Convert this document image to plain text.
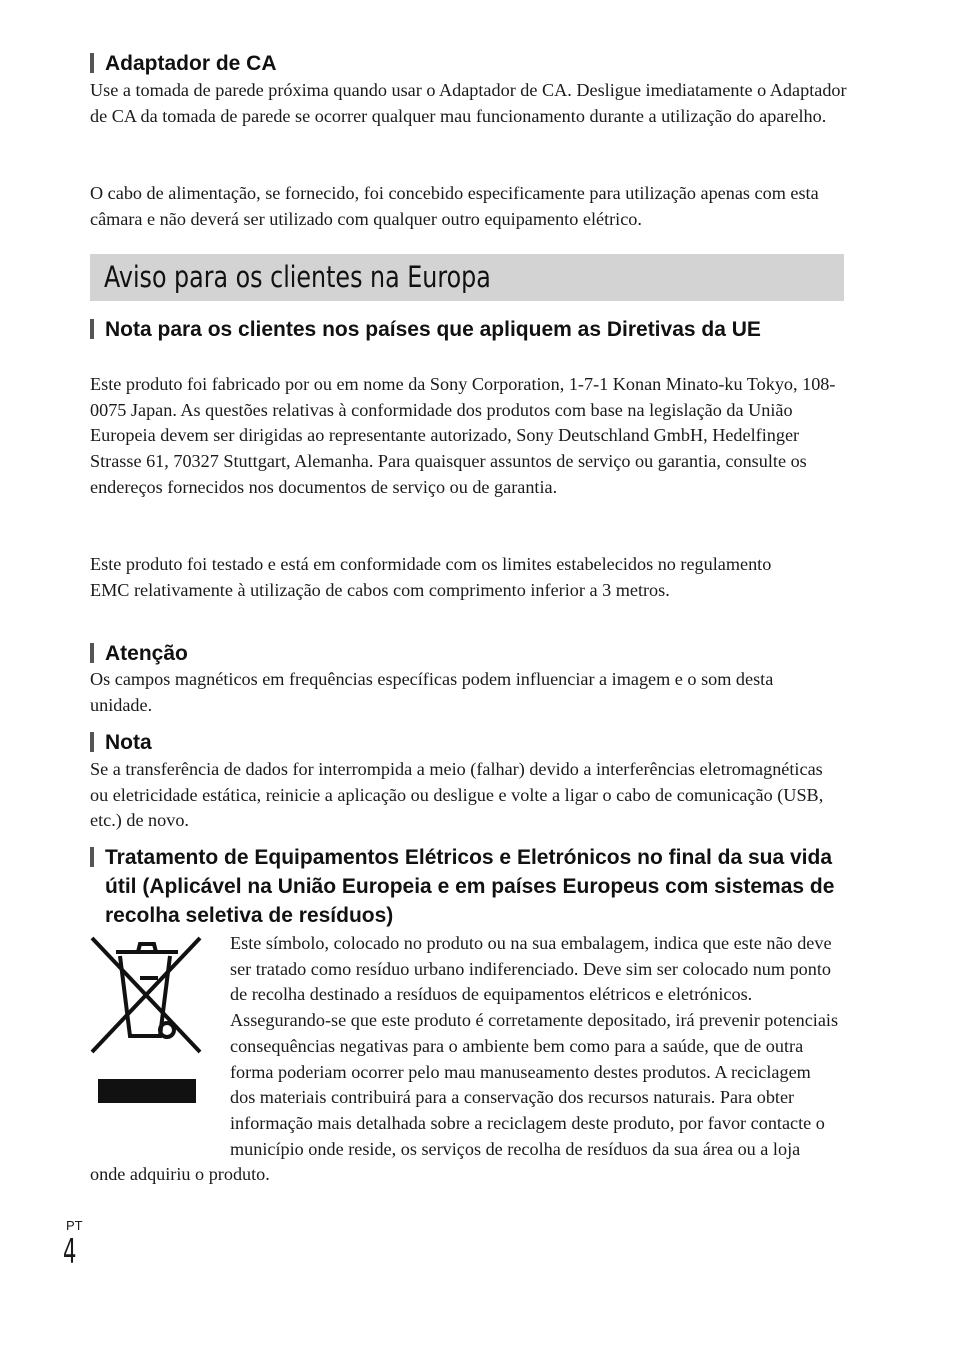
Adaptador de CA

Use a tomada de parede próxima quando usar o Adaptador de CA. Desligue imediatamente o Adaptador de CA da tomada de parede se ocorrer qualquer mau funcionamento durante a utilização do aparelho.

O cabo de alimentação, se fornecido, foi concebido especificamente para utilização apenas com esta câmara e não deverá ser utilizado com qualquer outro equipamento elétrico.

Aviso para os clientes na Europa
Nota para os clientes nos países que apliquem as Diretivas da UE

Este produto foi fabricado por ou em nome da Sony Corporation, 1-7-1 Konan Minato-ku Tokyo, 108-0075 Japan. As questões relativas à conformidade dos produtos com base na legislação da União Europeia devem ser dirigidas ao representante autorizado, Sony Deutschland GmbH, Hedelfinger Strasse 61, 70327 Stuttgart, Alemanha. Para quaisquer assuntos de serviço ou garantia, consulte os endereços fornecidos nos documentos de serviço ou de garantia.

Este produto foi testado e está em conformidade com os limites estabelecidos no regulamento EMC relativamente à utilização de cabos com comprimento inferior a 3 metros.

Atenção

Os campos magnéticos em frequências específicas podem influenciar a imagem e o som desta unidade.

Nota

Se a transferência de dados for interrompida a meio (falhar) devido a interferências eletromagnéticas ou eletricidade estática, reinicie a aplicação ou desligue e volte a ligar o cabo de comunicação (USB, etc.) de novo.

Tratamento de Equipamentos Elétricos e Eletrónicos no final da sua vida útil (Aplicável na União Europeia e em países Europeus com sistemas de recolha seletiva de resíduos)

Este símbolo, colocado no produto ou na sua embalagem, indica que este não deve ser tratado como resíduo urbano indiferenciado. Deve sim ser colocado num ponto de recolha destinado a resíduos de equipamentos elétricos e eletrónicos. Assegurando-se que este produto é corretamente depositado, irá prevenir potenciais consequências negativas para o ambiente bem como para a saúde, que de outra forma poderiam ocorrer pelo mau manuseamento destes produtos. A reciclagem dos materiais contribuirá para a conservação dos recursos naturais. Para obter informação mais detalhada sobre a reciclagem deste produto, por favor contacte o município onde reside, os serviços de recolha de resíduos da sua área ou a loja onde adquiriu o produto.

PT
4
